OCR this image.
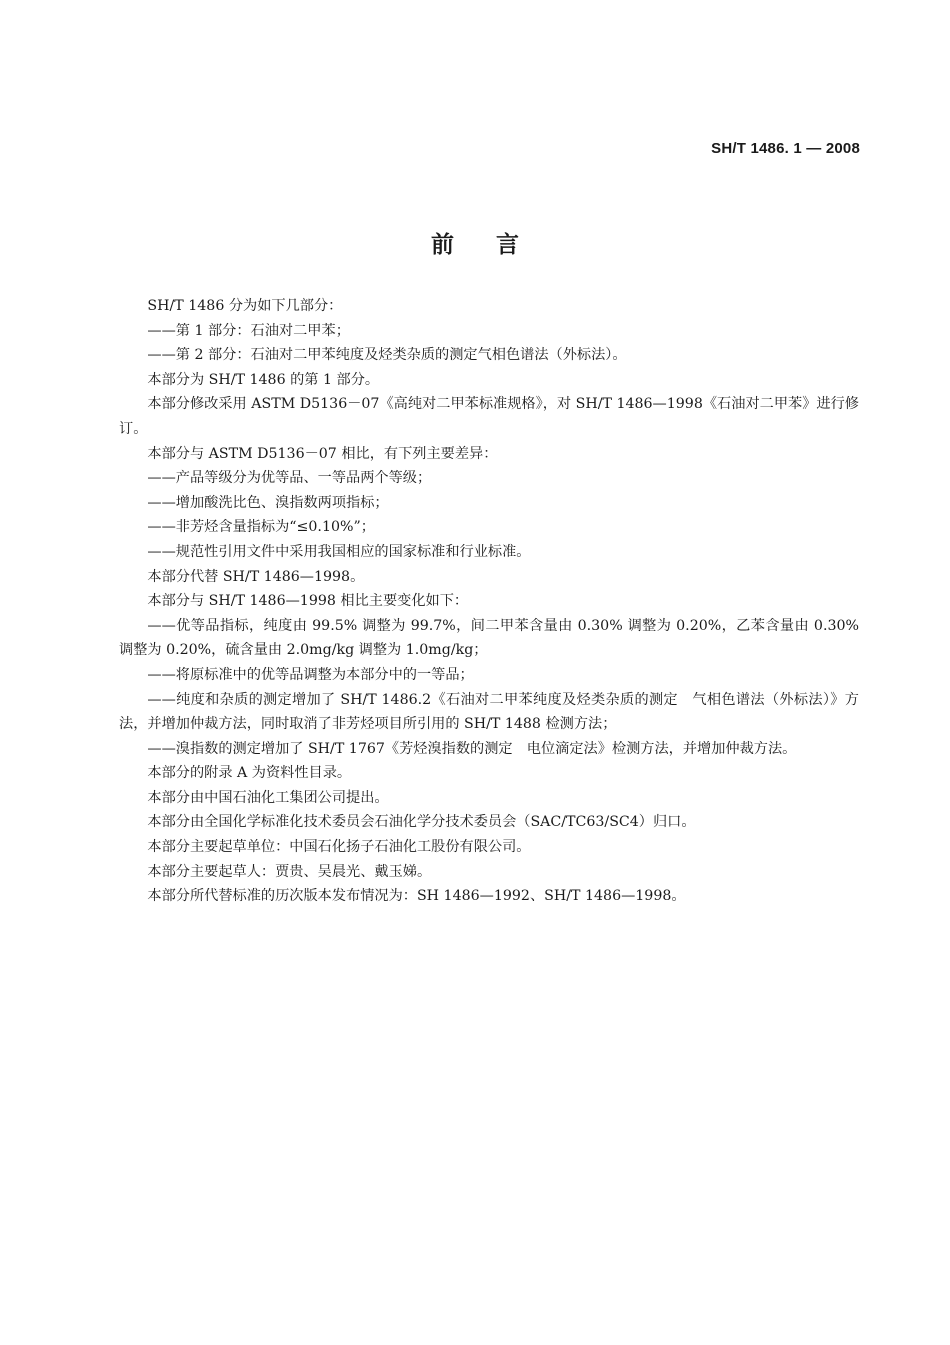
SH/T 1486. 1 — 2008
前言

SH/T 1486 分为如下几部分：

——第 1 部分：石油对二甲苯；

——第 2 部分：石油对二甲苯纯度及烃类杂质的测定气相色谱法（外标法）。

本部分为 SH/T 1486 的第 1 部分。

本部分修改采用 ASTM D5136－07《高纯对二甲苯标准规格》，对 SH/T 1486—1998《石油对二甲苯》进行修订。

本部分与 ASTM D5136－07 相比，有下列主要差异：

——产品等级分为优等品、一等品两个等级；

——增加酸洗比色、溴指数两项指标；

——非芳烃含量指标为“≤0.10%”；

——规范性引用文件中采用我国相应的国家标准和行业标准。

本部分代替 SH/T 1486—1998。

本部分与 SH/T 1486—1998 相比主要变化如下：

——优等品指标，纯度由 99.5% 调整为 99.7%，间二甲苯含量由 0.30% 调整为 0.20%，乙苯含量由 0.30% 调整为 0.20%，硫含量由 2.0mg/kg 调整为 1.0mg/kg；

——将原标准中的优等品调整为本部分中的一等品；

——纯度和杂质的测定增加了 SH/T 1486.2《石油对二甲苯纯度及烃类杂质的测定　气相色谱法（外标法）》方法，并增加仲裁方法，同时取消了非芳烃项目所引用的 SH/T 1488 检测方法；

——溴指数的测定增加了 SH/T 1767《芳烃溴指数的测定　电位滴定法》检测方法，并增加仲裁方法。

本部分的附录 A 为资料性目录。

本部分由中国石油化工集团公司提出。

本部分由全国化学标准化技术委员会石油化学分技术委员会（SAC/TC63/SC4）归口。

本部分主要起草单位：中国石化扬子石油化工股份有限公司。

本部分主要起草人：贾贵、吴晨光、戴玉娣。

本部分所代替标准的历次版本发布情况为：SH 1486—1992、SH/T 1486—1998。
